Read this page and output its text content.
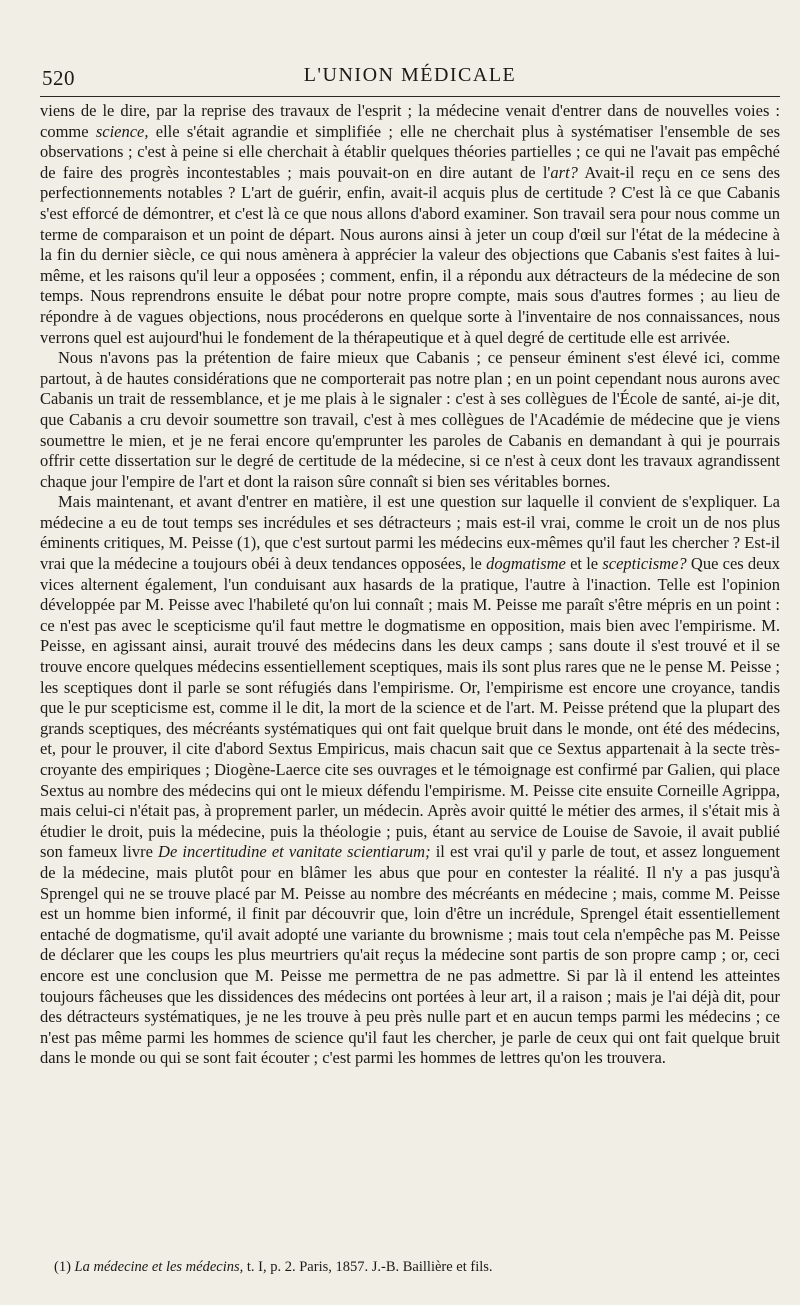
520	L'UNION MÉDICALE

viens de le dire, par la reprise des travaux de l'esprit ; la médecine venait d'entrer dans de nouvelles voies : comme science, elle s'était agrandie et simplifiée ; elle ne cherchait plus à systématiser l'ensemble de ses observations ; c'est à peine si elle cherchait à établir quelques théories partielles ; ce qui ne l'avait pas empêché de faire des progrès incontestables ; mais pouvait-on en dire autant de l'art? Avait-il reçu en ce sens des perfectionnements notables ? L'art de guérir, enfin, avait-il acquis plus de certitude ? C'est là ce que Cabanis s'est efforcé de démontrer, et c'est là ce que nous allons d'abord examiner. Son travail sera pour nous comme un terme de comparaison et un point de départ. Nous aurons ainsi à jeter un coup d'œil sur l'état de la médecine à la fin du dernier siècle, ce qui nous amènera à apprécier la valeur des objections que Cabanis s'est faites à lui-même, et les raisons qu'il leur a opposées ; comment, enfin, il a répondu aux détracteurs de la médecine de son temps. Nous reprendrons ensuite le débat pour notre propre compte, mais sous d'autres formes ; au lieu de répondre à de vagues objections, nous procéderons en quelque sorte à l'inventaire de nos connaissances, nous verrons quel est aujourd'hui le fondement de la thérapeutique et à quel degré de certitude elle est arrivée.

Nous n'avons pas la prétention de faire mieux que Cabanis ; ce penseur éminent s'est élevé ici, comme partout, à de hautes considérations que ne comporterait pas notre plan ; en un point cependant nous aurons avec Cabanis un trait de ressemblance, et je me plais à le signaler : c'est à ses collègues de l'École de santé, ai-je dit, que Cabanis a cru devoir soumettre son travail, c'est à mes collègues de l'Académie de médecine que je viens soumettre le mien, et je ne ferai encore qu'emprunter les paroles de Cabanis en demandant à qui je pourrais offrir cette dissertation sur le degré de certitude de la médecine, si ce n'est à ceux dont les travaux agrandissent chaque jour l'empire de l'art et dont la raison sûre connaît si bien ses véritables bornes.

Mais maintenant, et avant d'entrer en matière, il est une question sur laquelle il convient de s'expliquer. La médecine a eu de tout temps ses incrédules et ses détracteurs ; mais est-il vrai, comme le croit un de nos plus éminents critiques, M. Peisse (1), que c'est surtout parmi les médecins eux-mêmes qu'il faut les chercher ? Est-il vrai que la médecine a toujours obéi à deux tendances opposées, le dogmatisme et le scepticisme? Que ces deux vices alternent également, l'un conduisant aux hasards de la pratique, l'autre à l'inaction. Telle est l'opinion développée par M. Peisse avec l'habileté qu'on lui connaît ; mais M. Peisse me paraît s'être mépris en un point : ce n'est pas avec le scepticisme qu'il faut mettre le dogmatisme en opposition, mais bien avec l'empirisme. M. Peisse, en agissant ainsi, aurait trouvé des médecins dans les deux camps ; sans doute il s'est trouvé et il se trouve encore quelques médecins essentiellement sceptiques, mais ils sont plus rares que ne le pense M. Peisse ; les sceptiques dont il parle se sont réfugiés dans l'empirisme. Or, l'empirisme est encore une croyance, tandis que le pur scepticisme est, comme il le dit, la mort de la science et de l'art. M. Peisse prétend que la plupart des grands sceptiques, des mécréants systématiques qui ont fait quelque bruit dans le monde, ont été des médecins, et, pour le prouver, il cite d'abord Sextus Empiricus, mais chacun sait que ce Sextus appartenait à la secte très-croyante des empiriques ; Diogène-Laerce cite ses ouvrages et le témoignage est confirmé par Galien, qui place Sextus au nombre des médecins qui ont le mieux défendu l'empirisme. M. Peisse cite ensuite Corneille Agrippa, mais celui-ci n'était pas, à proprement parler, un médecin. Après avoir quitté le métier des armes, il s'était mis à étudier le droit, puis la médecine, puis la théologie ; puis, étant au service de Louise de Savoie, il avait publié son fameux livre De incertitudine et vanitate scientiarum; il est vrai qu'il y parle de tout, et assez longuement de la médecine, mais plutôt pour en blâmer les abus que pour en contester la réalité. Il n'y a pas jusqu'à Sprengel qui ne se trouve placé par M. Peisse au nombre des mécréants en médecine ; mais, comme M. Peisse est un homme bien informé, il finit par découvrir que, loin d'être un incrédule, Sprengel était essentiellement entaché de dogmatisme, qu'il avait adopté une variante du brownisme ; mais tout cela n'empêche pas M. Peisse de déclarer que les coups les plus meurtriers qu'ait reçus la médecine sont partis de son propre camp ; or, ceci encore est une conclusion que M. Peisse me permettra de ne pas admettre. Si par là il entend les atteintes toujours fâcheuses que les dissidences des médecins ont portées à leur art, il a raison ; mais je l'ai déjà dit, pour des détracteurs systématiques, je ne les trouve à peu près nulle part et en aucun temps parmi les médecins ; ce n'est pas même parmi les hommes de science qu'il faut les chercher, je parle de ceux qui ont fait quelque bruit dans le monde ou qui se sont fait écouter ; c'est parmi les hommes de lettres qu'on les trouvera.

(1) La médecine et les médecins, t. I, p. 2. Paris, 1857. J.-B. Baillière et fils.
